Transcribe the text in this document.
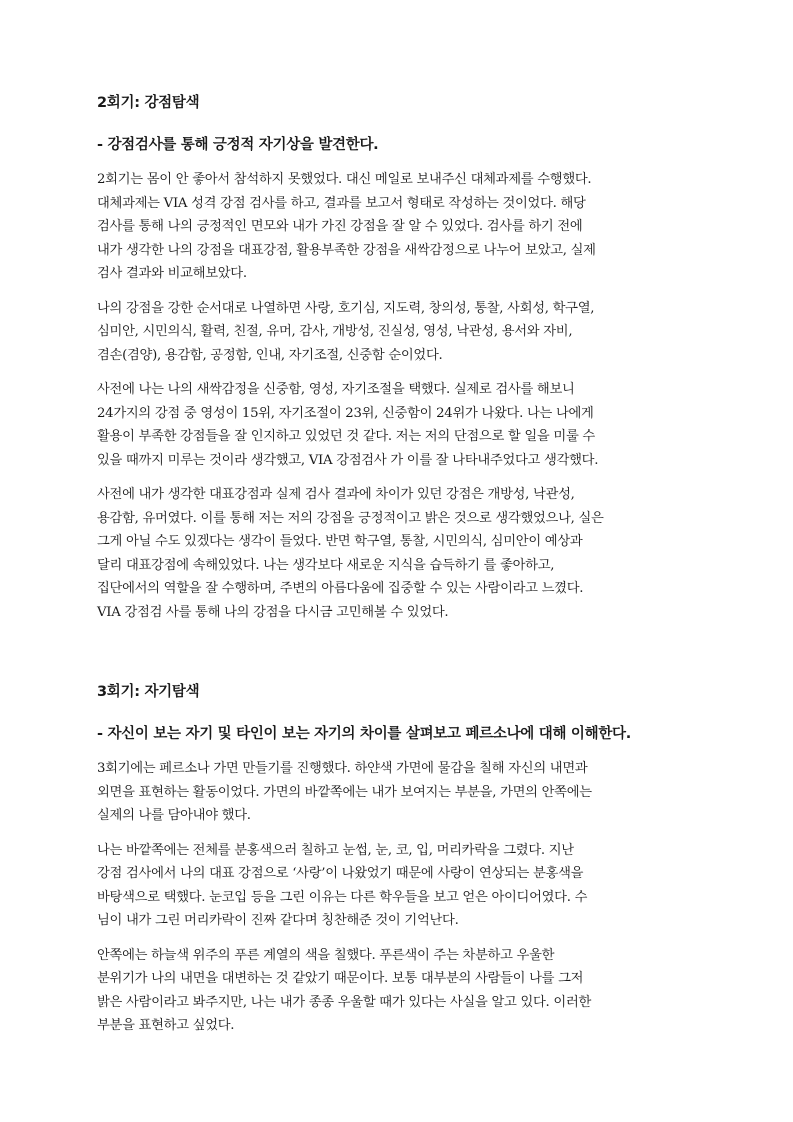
2회기: 강점탐색
- 강점검사를 통해 긍정적 자기상을 발견한다.

2회기는 몸이 안 좋아서 참석하지 못했었다. 대신 메일로 보내주신 대체과제를 수행했다.
대체과제는 VIA 성격 강점 검사를 하고, 결과를 보고서 형태로 작성하는 것이었다. 해당
검사를 통해 나의 긍정적인 면모와 내가 가진 강점을 잘 알 수 있었다. 검사를 하기 전에
내가 생각한 나의 강점을 대표강점, 활용부족한 강점을 새싹감정으로 나누어 보았고, 실제
검사 결과와 비교해보았다.

나의 강점을 강한 순서대로 나열하면 사랑, 호기심, 지도력, 창의성, 통찰, 사회성, 학구열,
심미안, 시민의식, 활력, 친절, 유머, 감사, 개방성, 진실성, 영성, 낙관성, 용서와 자비,
겸손(겸양), 용감함, 공정함, 인내, 자기조절, 신중함 순이었다.

사전에 나는 나의 새싹감정을 신중함, 영성, 자기조절을 택했다. 실제로 검사를 해보니
24가지의 강점 중 영성이 15위, 자기조절이 23위, 신중함이 24위가 나왔다. 나는 나에게
활용이 부족한 강점들을 잘 인지하고 있었던 것 같다. 저는 저의 단점으로 할 일을 미룰 수
있을 때까지 미루는 것이라 생각했고, VIA 강점검사 가 이를 잘 나타내주었다고 생각했다.

사전에 내가 생각한 대표강점과 실제 검사 결과에 차이가 있던 강점은 개방성, 낙관성,
용감함, 유머였다. 이를 통해 저는 저의 강점을 긍정적이고 밝은 것으로 생각했었으나, 실은
그게 아닐 수도 있겠다는 생각이 들었다. 반면 학구열, 통찰, 시민의식, 심미안이 예상과
달리 대표강점에 속해있었다. 나는 생각보다 새로운 지식을 습득하기 를 좋아하고,
집단에서의 역할을 잘 수행하며, 주변의 아름다움에 집중할 수 있는 사람이라고 느꼈다.
VIA 강점검 사를 통해 나의 강점을 다시금 고민해볼 수 있었다.

3회기: 자기탐색
- 자신이 보는 자기 및 타인이 보는 자기의 차이를 살펴보고 페르소나에 대해 이해한다.

3회기에는 페르소나 가면 만들기를 진행했다. 하얀색 가면에 물감을 칠해 자신의 내면과
외면을 표현하는 활동이었다. 가면의 바깥쪽에는 내가 보여지는 부분을, 가면의 안쪽에는
실제의 나를 담아내야 했다.

나는 바깥쪽에는 전체를 분홍색으러 칠하고 눈썹, 눈, 코, 입, 머리카락을 그렸다. 지난
강점 검사에서 나의 대표 강점으로 ‘사랑’이 나왔었기 때문에 사랑이 연상되는 분홍색을
바탕색으로 택했다. 눈코입 등을 그린 이유는 다른 학우들을 보고 얻은 아이디어였다. 수
님이 내가 그린 머리카락이 진짜 같다며 칭찬해준 것이 기억난다.

안쪽에는 하늘색 위주의 푸른 계열의 색을 칠했다. 푸른색이 주는 차분하고 우울한
분위기가 나의 내면을 대변하는 것 같았기 때문이다. 보통 대부분의 사람들이 나를 그저
밝은 사람이라고 봐주지만, 나는 내가 종종 우울할 때가 있다는 사실을 알고 있다. 이러한
부분을 표현하고 싶었다.
